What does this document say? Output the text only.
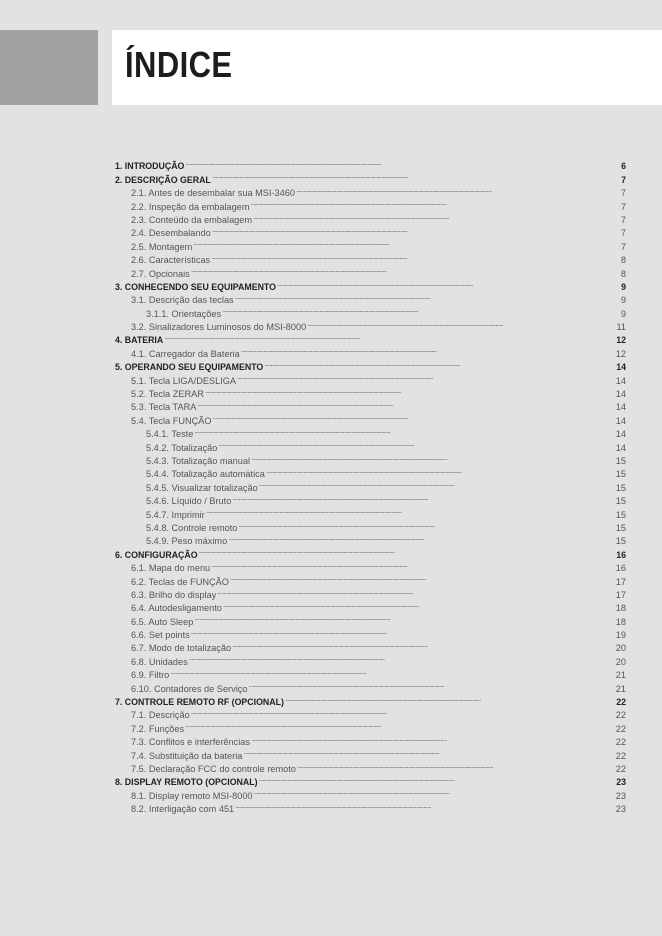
ÍNDICE
1. INTRODUÇÃO . . .	6
2. DESCRIÇÃO GERAL . . .	7
2.1. Antes de desembalar sua MSI-3460 . . .	7
2.2. Inspeção da embalagem . . .	7
2.3. Conteúdo da embalagem . . .	7
2.4. Desembalando . . .	7
2.5. Montagem . . .	7
2.6. Características . . .	8
2.7. Opcionais . . .	8
3. CONHECENDO SEU EQUIPAMENTO . . .	9
3.1. Descrição das teclas . . .	9
3.1.1. Orientações . . .	9
3.2. Sinalizadores Luminosos do MSI-8000 . . .	11
4. BATERIA . . .	12
4.1. Carregador da Bateria . . .	12
5. OPERANDO SEU EQUIPAMENTO . . .	14
5.1. Tecla LIGA/DESLIGA . . .	14
5.2. Tecla ZERAR . . .	14
5.3. Tecla TARA . . .	14
5.4. Tecla FUNÇÃO . . .	14
5.4.1. Teste . . .	14
5.4.2. Totalização . . .	14
5.4.3. Totalização manual . . .	15
5.4.4. Totalização automática . . .	15
5.4.5. Visualizar totalização . . .	15
5.4.6. Líquido / Bruto . . .	15
5.4.7. Imprimir . . .	15
5.4.8. Controle remoto . . .	15
5.4.9. Peso máximo . . .	15
6. CONFIGURAÇÃO . . .	16
6.1. Mapa do menu . . .	16
6.2. Teclas de FUNÇÃO . . .	17
6.3. Brilho do display . . .	17
6.4. Autodesligamento . . .	18
6.5. Auto Sleep . . .	18
6.6. Set points . . .	19
6.7. Modo de totalização . . .	20
6.8. Unidades . . .	20
6.9. Filtro . . .	21
6.10. Contadores de Serviço . . .	21
7. CONTROLE REMOTO RF (OPCIONAL) . . .	22
7.1. Descrição . . .	22
7.2. Funções . . .	22
7.3. Conflitos e interferências . . .	22
7.4. Substituição da bateria . . .	22
7.5. Declaração FCC do controle remoto . . .	22
8. DISPLAY REMOTO (OPCIONAL) . . .	23
8.1. Display remoto MSI-8000 . . .	23
8.2. Interligação com 451 . . .	23
